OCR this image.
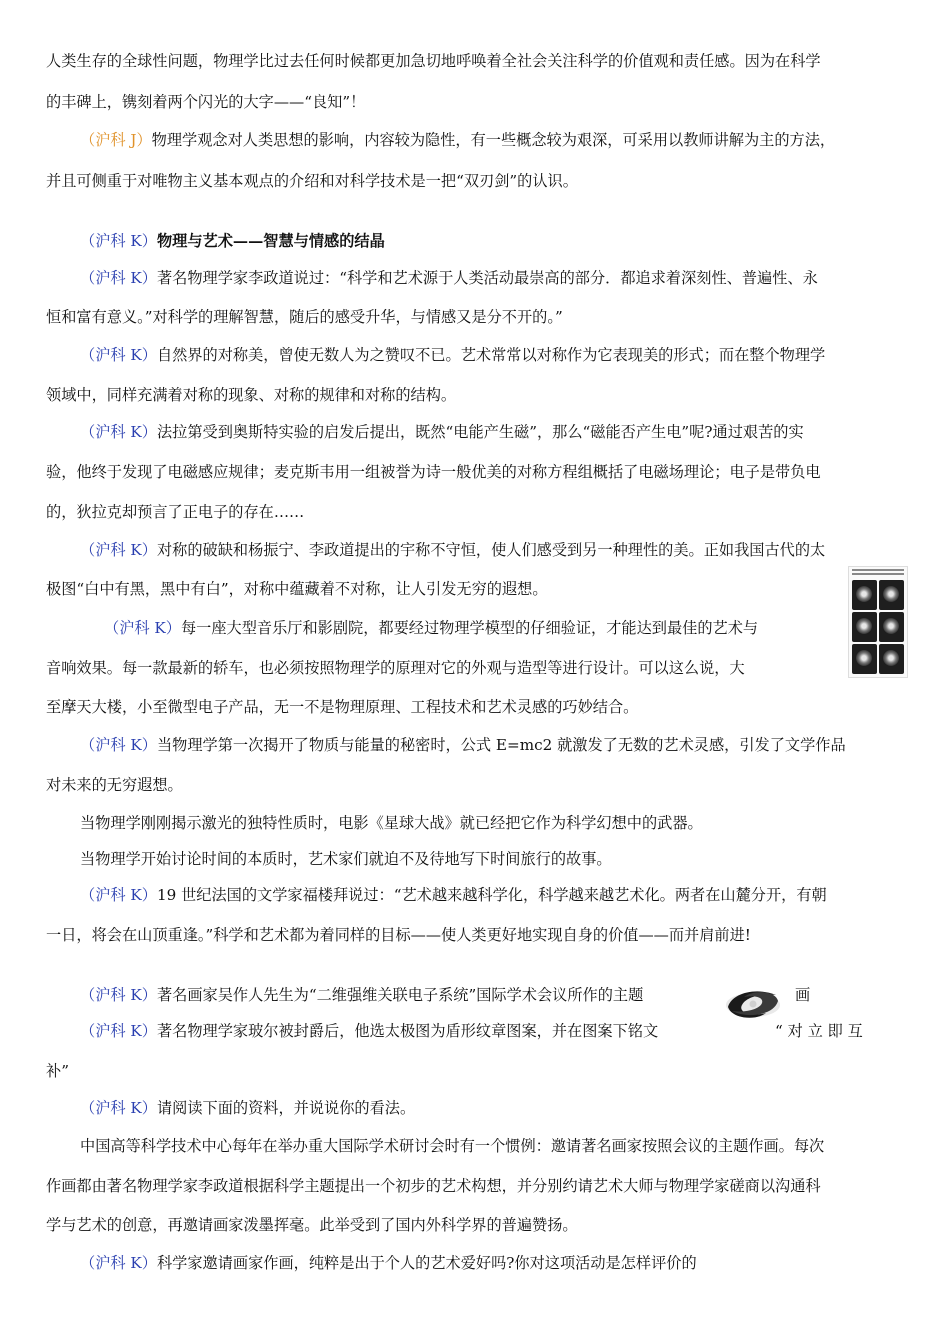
人类生存的全球性问题，物理学比过去任何时候都更加急切地呼唤着全社会关注科学的价值观和责任感。因为在科学
的丰碑上，镌刻着两个闪光的大字——“良知”！
（沪科 J）物理学观念对人类思想的影响，内容较为隐性，有一些概念较为艰深，可采用以教师讲解为主的方法，
并且可侧重于对唯物主义基本观点的介绍和对科学技术是一把“双刃剑”的认识。
（沪科 K）物理与艺术——智慧与情感的结晶
（沪科 K）著名物理学家李政道说过：“科学和艺术源于人类活动最崇高的部分．都追求着深刻性、普遍性、永
恒和富有意义。”对科学的理解智慧，随后的感受升华，与情感又是分不开的。”
（沪科 K）自然界的对称美，曾使无数人为之赞叹不已。艺术常常以对称作为它表现美的形式；而在整个物理学
领域中，同样充满着对称的现象、对称的规律和对称的结构。
（沪科 K）法拉第受到奥斯特实验的启发后提出，既然“电能产生磁”，那么“磁能否产生电”呢?通过艰苦的实
验，他终于发现了电磁感应规律；麦克斯韦用一组被誉为诗一般优美的对称方程组概括了电磁场理论；电子是带负电
的，狄拉克却预言了正电子的存在……
（沪科 K）对称的破缺和杨振宁、李政道提出的宇称不守恒，使人们感受到另一种理性的美。正如我国古代的太
极图“白中有黑，黑中有白”，对称中蕴藏着不对称，让人引发无穷的遐想。
（沪科 K）每一座大型音乐厅和影剧院，都要经过物理学模型的仔细验证，才能达到最佳的艺术与
音响效果。每一款最新的轿车，也必须按照物理学的原理对它的外观与造型等进行设计。可以这么说，大
至摩天大楼，小至微型电子产品，无一不是物理原理、工程技术和艺术灵感的巧妙结合。
（沪科 K）当物理学第一次揭开了物质与能量的秘密时，公式 E=mc2 就激发了无数的艺术灵感，引发了文学作品
对未来的无穷遐想。
当物理学刚刚揭示激光的独特性质时，电影《星球大战》就已经把它作为科学幻想中的武器。
当物理学开始讨论时间的本质时，艺术家们就迫不及待地写下时间旅行的故事。
（沪科 K）19 世纪法国的文学家福楼拜说过：“艺术越来越科学化，科学越来越艺术化。两者在山麓分开，有朝
一日，将会在山顶重逢。”科学和艺术都为着同样的目标——使人类更好地实现自身的价值——而并肩前进!
（沪科 K）著名画家吴作人先生为“二维强维关联电子系统”国际学术会议所作的主题	画
（沪科 K）著名物理学家玻尔被封爵后，他选太极图为盾形纹章图案，并在图案下铭文	“ 对 立 即 互
补”
（沪科 K）请阅读下面的资料，并说说你的看法。
中国高等科学技术中心每年在举办重大国际学术研讨会时有一个惯例：邀请著名画家按照会议的主题作画。每次
作画都由著名物理学家李政道根据科学主题提出一个初步的艺术构想，并分别约请艺术大师与物理学家磋商以沟通科
学与艺术的创意，再邀请画家泼墨挥毫。此举受到了国内外科学界的普遍赞扬。
（沪科 K）科学家邀请画家作画，纯粹是出于个人的艺术爱好吗?你对这项活动是怎样评价的
